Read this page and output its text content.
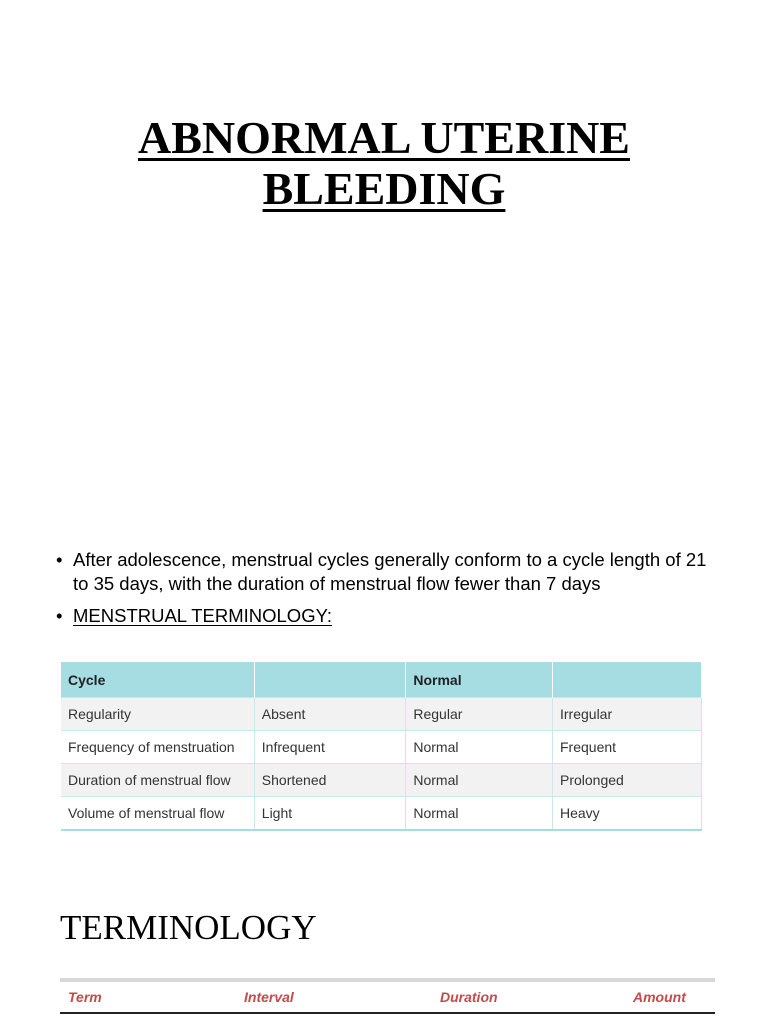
ABNORMAL UTERINE
BLEEDING
• After adolescence, menstrual cycles generally conform to a cycle length of 21 to 35 days, with the duration of menstrual flow fewer than 7 days
• MENSTRUAL TERMINOLOGY:
Cycle		Normal	
Regularity	Absent	Regular	Irregular
Frequency of menstruation	Infrequent	Normal	Frequent
Duration of menstrual flow	Shortened	Normal	Prolonged
Volume of menstrual flow	Light	Normal	Heavy
TERMINOLOGY
Term	Interval	Duration	Amount
